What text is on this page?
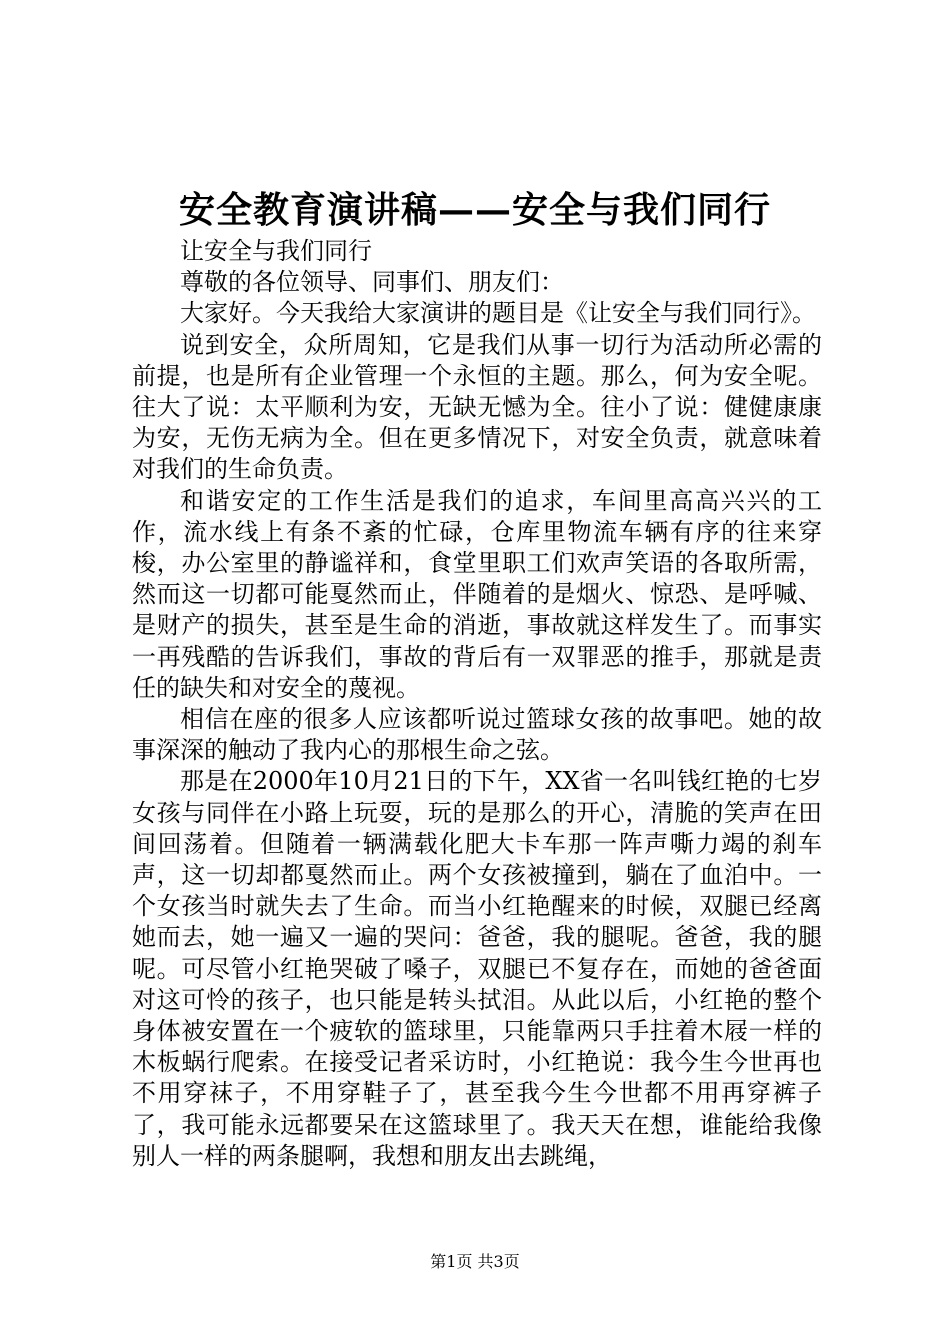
安全教育演讲稿——安全与我们同行

让安全与我们同行

尊敬的各位领导、同事们、朋友们：

大家好。今天我给大家演讲的题目是《让安全与我们同行》。

说到安全，众所周知，它是我们从事一切行为活动所必需的前提，也是所有企业管理一个永恒的主题。那么，何为安全呢。往大了说：太平顺利为安，无缺无憾为全。往小了说：健健康康为安，无伤无病为全。但在更多情况下，对安全负责，就意味着对我们的生命负责。

和谐安定的工作生活是我们的追求，车间里高高兴兴的工作，流水线上有条不紊的忙碌，仓库里物流车辆有序的往来穿梭，办公室里的静谧祥和，食堂里职工们欢声笑语的各取所需，然而这一切都可能戛然而止，伴随着的是烟火、惊恐、是呼喊、是财产的损失，甚至是生命的消逝，事故就这样发生了。而事实一再残酷的告诉我们，事故的背后有一双罪恶的推手，那就是责任的缺失和对安全的蔑视。

相信在座的很多人应该都听说过篮球女孩的故事吧。她的故事深深的触动了我内心的那根生命之弦。

那是在2000年10月21日的下午，XX省一名叫钱红艳的七岁女孩与同伴在小路上玩耍，玩的是那么的开心，清脆的笑声在田间回荡着。但随着一辆满载化肥大卡车那一阵声嘶力竭的刹车声，这一切却都戛然而止。两个女孩被撞到，躺在了血泊中。一个女孩当时就失去了生命。而当小红艳醒来的时候，双腿已经离她而去，她一遍又一遍的哭问：爸爸，我的腿呢。爸爸，我的腿呢。可尽管小红艳哭破了嗓子，双腿已不复存在，而她的爸爸面对这可怜的孩子，也只能是转头拭泪。从此以后，小红艳的整个身体被安置在一个疲软的篮球里，只能靠两只手拄着木屐一样的木板蜗行爬索。在接受记者采访时，小红艳说：我今生今世再也不用穿袜子，不用穿鞋子了，甚至我今生今世都不用再穿裤子了，我可能永远都要呆在这篮球里了。我天天在想，谁能给我像别人一样的两条腿啊，我想和朋友出去跳绳，

第1页 共3页
